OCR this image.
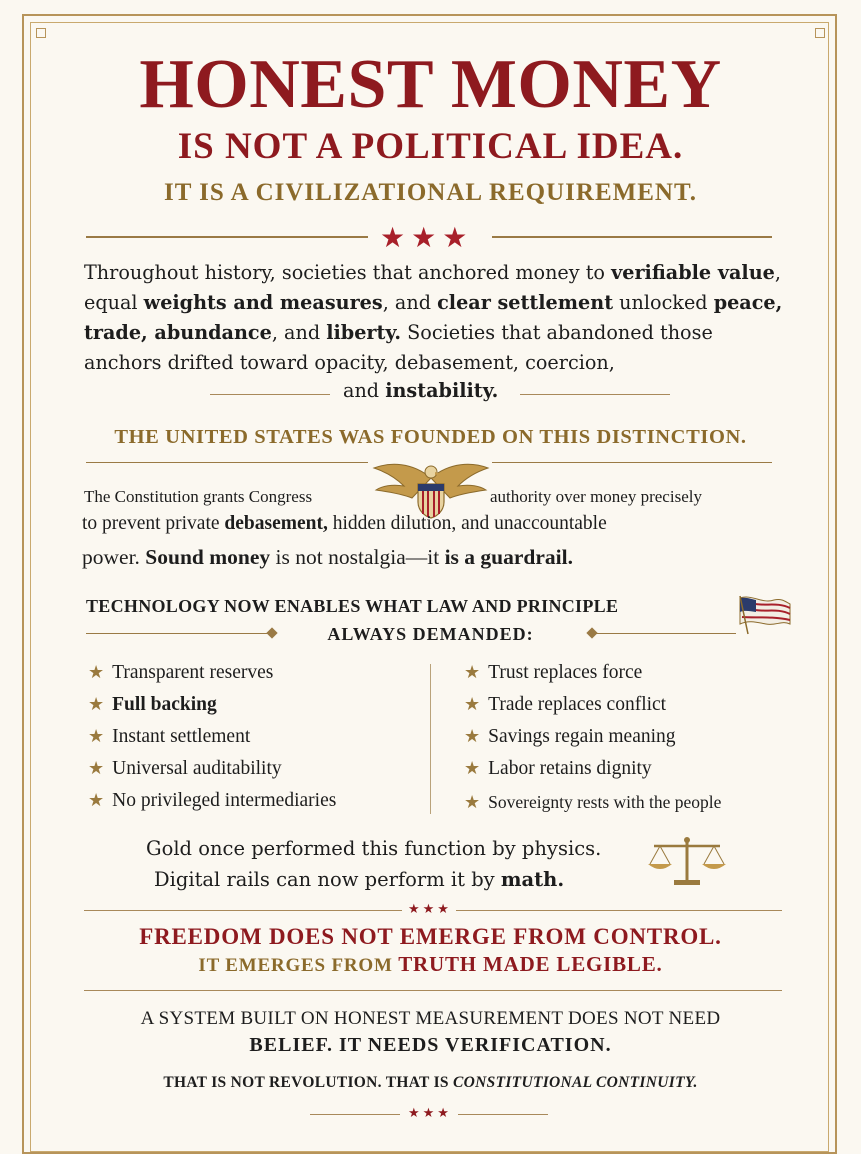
HONEST MONEY
IS NOT A POLITICAL IDEA.
IT IS A CIVILIZATIONAL REQUIREMENT.
★★★
Throughout history, societies that anchored money to verifiable value, equal weights and measures, and clear settlement unlocked peace, trade, abundance, and liberty. Societies that abandoned those anchors drifted toward opacity, debasement, coercion,
and instability.
THE UNITED STATES WAS FOUNDED ON THIS DISTINCTION.
The Constitution grants Congress	authority over money precisely
to prevent private debasement, hidden dilution, and unaccountable
power. Sound money is not nostalgia—it is a guardrail.
TECHNOLOGY NOW ENABLES WHAT LAW AND PRINCIPLE
ALWAYS DEMANDED:
★ Transparent reserves
★ Full backing
★ Instant settlement
★ Universal auditability
★ No privileged intermediaries
★ Trust replaces force
★ Trade replaces conflict
★ Savings regain meaning
★ Labor retains dignity
★ Sovereignty rests with the people
Gold once performed this function by physics.
Digital rails can now perform it by math.
★★★
FREEDOM DOES NOT EMERGE FROM CONTROL.
IT EMERGES FROM TRUTH MADE LEGIBLE.
A SYSTEM BUILT ON HONEST MEASUREMENT DOES NOT NEED
BELIEF. IT NEEDS VERIFICATION.
THAT IS NOT REVOLUTION. THAT IS CONSTITUTIONAL CONTINUITY.
★★★
